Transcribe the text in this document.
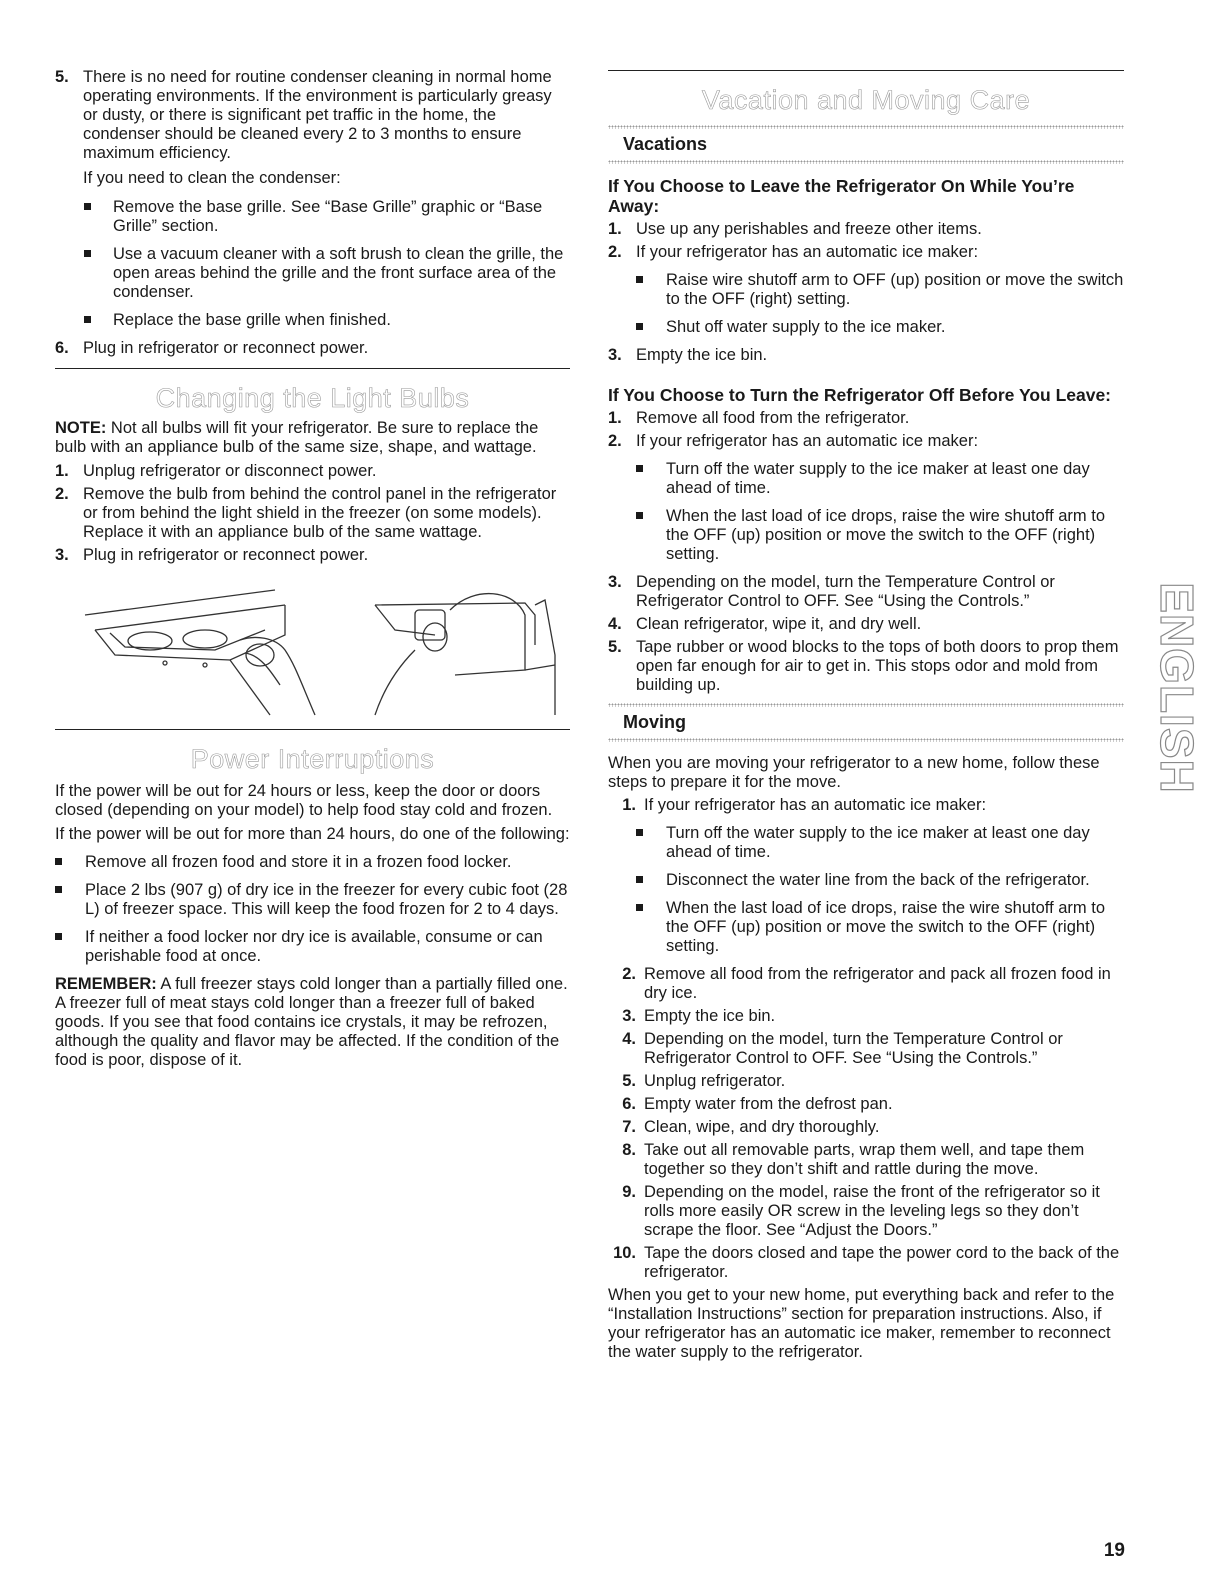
5. There is no need for routine condenser cleaning in normal home operating environments. If the environment is particularly greasy or dusty, or there is significant pet traffic in the home, the condenser should be cleaned every 2 to 3 months to ensure maximum efficiency.

If you need to clean the condenser:

Remove the base grille. See “Base Grille” graphic or “Base Grille” section.

Use a vacuum cleaner with a soft brush to clean the grille, the open areas behind the grille and the front surface area of the condenser.

Replace the base grille when finished.

6. Plug in refrigerator or reconnect power.

Changing the Light Bulbs

NOTE: Not all bulbs will fit your refrigerator. Be sure to replace the bulb with an appliance bulb of the same size, shape, and wattage.

1. Unplug refrigerator or disconnect power.

2. Remove the bulb from behind the control panel in the refrigerator or from behind the light shield in the freezer (on some models). Replace it with an appliance bulb of the same wattage.

3. Plug in refrigerator or reconnect power.

Power Interruptions

If the power will be out for 24 hours or less, keep the door or doors closed (depending on your model) to help food stay cold and frozen.

If the power will be out for more than 24 hours, do one of the following:

Remove all frozen food and store it in a frozen food locker.

Place 2 lbs (907 g) of dry ice in the freezer for every cubic foot (28 L) of freezer space. This will keep the food frozen for 2 to 4 days.

If neither a food locker nor dry ice is available, consume or can perishable food at once.

REMEMBER: A full freezer stays cold longer than a partially filled one. A freezer full of meat stays cold longer than a freezer full of baked goods. If you see that food contains ice crystals, it may be refrozen, although the quality and flavor may be affected. If the condition of the food is poor, dispose of it.

Vacation and Moving Care
Vacations
If You Choose to Leave the Refrigerator On While You’re Away:
1. Use up any perishables and freeze other items.

2. If your refrigerator has an automatic ice maker:

Raise wire shutoff arm to OFF (up) position or move the switch to the OFF (right) setting.

Shut off water supply to the ice maker.

3. Empty the ice bin.

If You Choose to Turn the Refrigerator Off Before You Leave:
1. Remove all food from the refrigerator.

2. If your refrigerator has an automatic ice maker:

Turn off the water supply to the ice maker at least one day ahead of time.

When the last load of ice drops, raise the wire shutoff arm to the OFF (up) position or move the switch to the OFF (right) setting.

3. Depending on the model, turn the Temperature Control or Refrigerator Control to OFF. See “Using the Controls.”

4. Clean refrigerator, wipe it, and dry well.

5. Tape rubber or wood blocks to the tops of both doors to prop them open far enough for air to get in. This stops odor and mold from building up.

Moving

When you are moving your refrigerator to a new home, follow these steps to prepare it for the move.

1. If your refrigerator has an automatic ice maker:

Turn off the water supply to the ice maker at least one day ahead of time.

Disconnect the water line from the back of the refrigerator.

When the last load of ice drops, raise the wire shutoff arm to the OFF (up) position or move the switch to the OFF (right) setting.

2. Remove all food from the refrigerator and pack all frozen food in dry ice.

3. Empty the ice bin.

4. Depending on the model, turn the Temperature Control or Refrigerator Control to OFF. See “Using the Controls.”

5. Unplug refrigerator.

6. Empty water from the defrost pan.

7. Clean, wipe, and dry thoroughly.

8. Take out all removable parts, wrap them well, and tape them together so they don’t shift and rattle during the move.

9. Depending on the model, raise the front of the refrigerator so it rolls more easily OR screw in the leveling legs so they don’t scrape the floor. See “Adjust the Doors.”

10. Tape the doors closed and tape the power cord to the back of the refrigerator.

When you get to your new home, put everything back and refer to the “Installation Instructions” section for preparation instructions. Also, if your refrigerator has an automatic ice maker, remember to reconnect the water supply to the refrigerator.

ENGLISH
19
